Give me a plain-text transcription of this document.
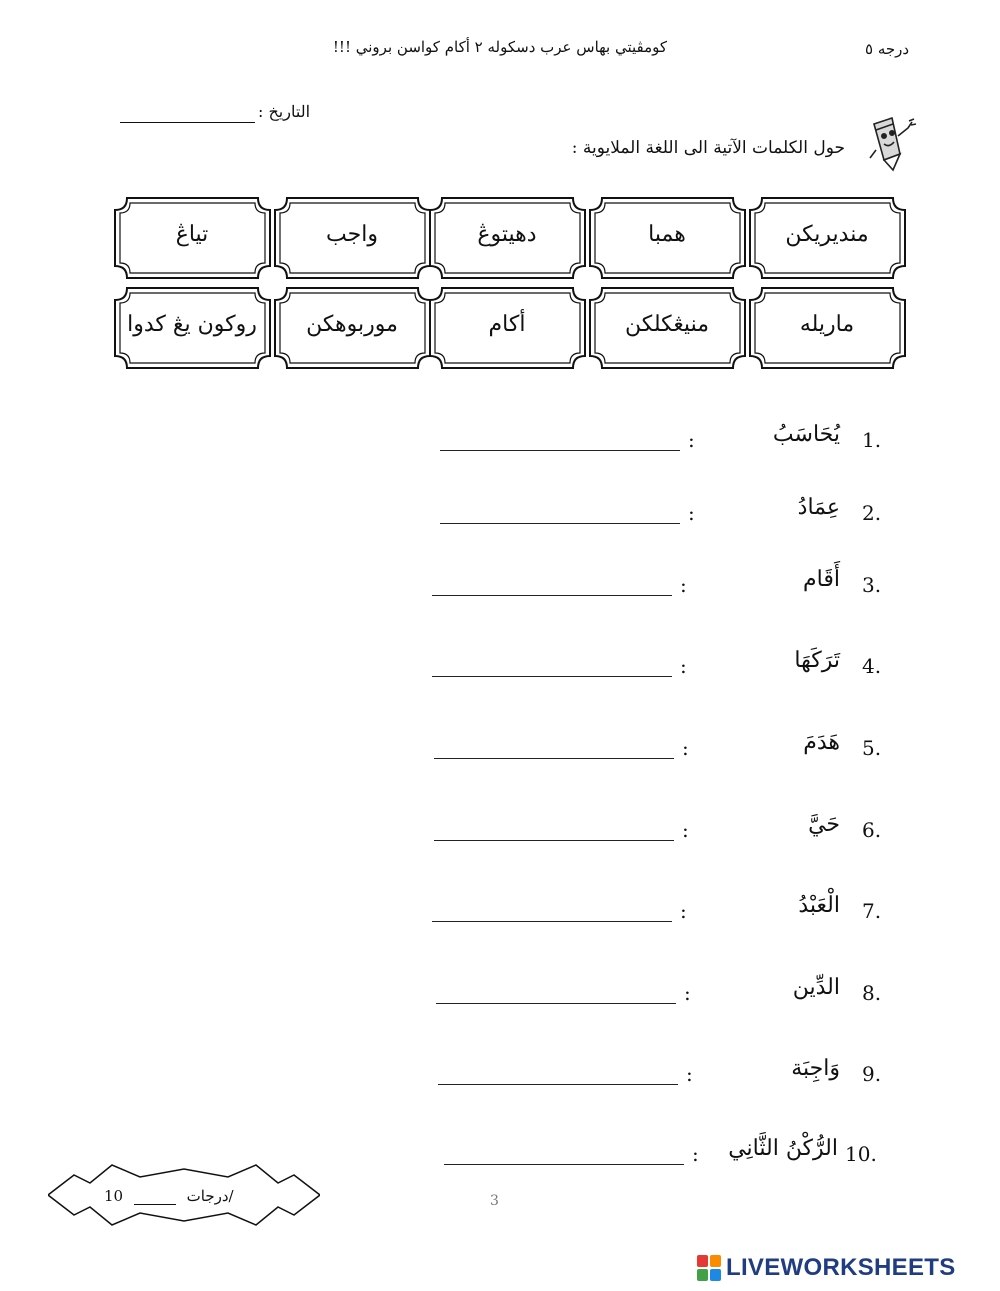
کومڤيتي بهاس عرب دسکوله ٢ أکام کواسن بروني !!!	درجه ٥
التاريخ :
حول الكلمات الآتية الى اللغة الملايوية :
منديريکن
همبا
دهيتوڠ
واجب
تياڠ
ماريله
منيڠکلکن
أکام
موربوهکن
روکون يڠ کدوا
1.
يُحَاسَبُ
:
2.
عِمَادُ
:
3.
أَقَام
:
4.
تَرَكَهَا
:
5.
هَدَمَ
:
6.
حَيَّ
:
7.
الْعَبْدُ
:
8.
الدِّين
:
9.
وَاجِبَة
:
10.
الرُّكْنُ الثَّانِي
:
درجات  10/	3
LIVEWORKSHEETS
